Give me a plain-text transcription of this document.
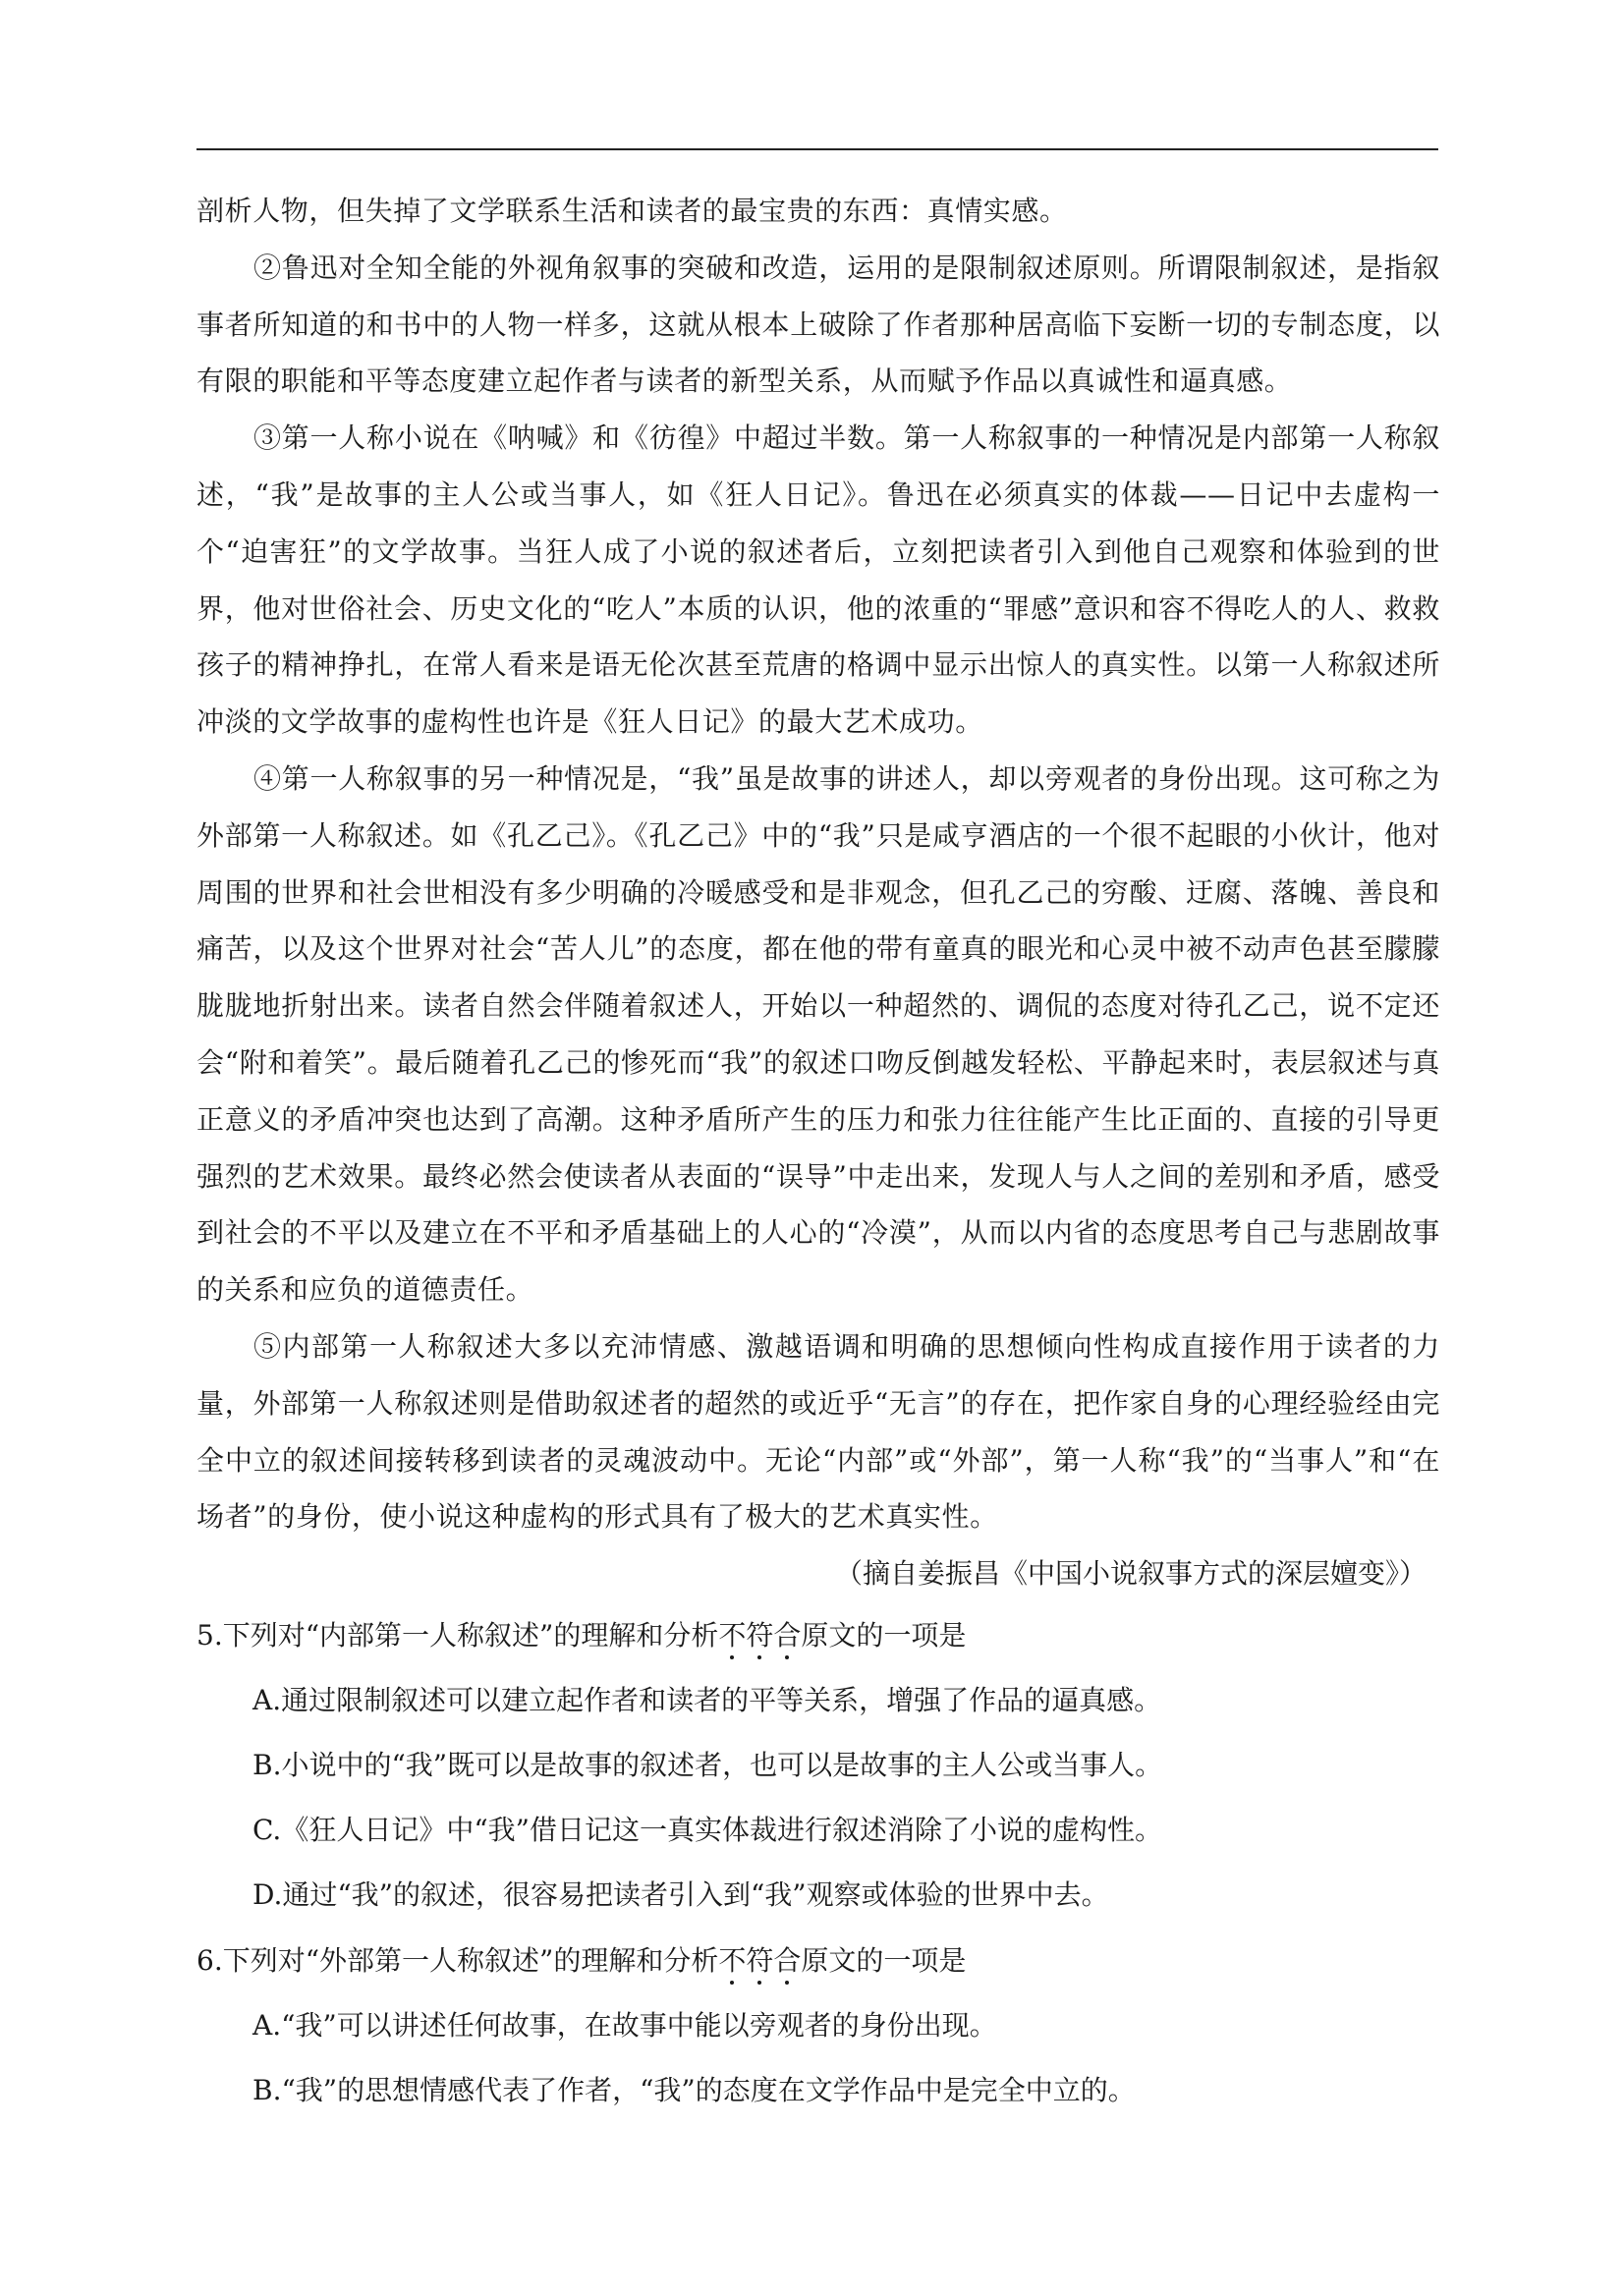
剖析人物，但失掉了文学联系生活和读者的最宝贵的东西：真情实感。

②鲁迅对全知全能的外视角叙事的突破和改造，运用的是限制叙述原则。所谓限制叙述，是指叙事者所知道的和书中的人物一样多，这就从根本上破除了作者那种居高临下妄断一切的专制态度，以有限的职能和平等态度建立起作者与读者的新型关系，从而赋予作品以真诚性和逼真感。

③第一人称小说在《呐喊》和《彷徨》中超过半数。第一人称叙事的一种情况是内部第一人称叙述，“我”是故事的主人公或当事人，如《狂人日记》。鲁迅在必须真实的体裁——日记中去虚构一个“迫害狂”的文学故事。当狂人成了小说的叙述者后，立刻把读者引入到他自己观察和体验到的世界，他对世俗社会、历史文化的“吃人”本质的认识，他的浓重的“罪感”意识和容不得吃人的人、救救孩子的精神挣扎，在常人看来是语无伦次甚至荒唐的格调中显示出惊人的真实性。以第一人称叙述所冲淡的文学故事的虚构性也许是《狂人日记》的最大艺术成功。

④第一人称叙事的另一种情况是，“我”虽是故事的讲述人，却以旁观者的身份出现。这可称之为外部第一人称叙述。如《孔乙己》。《孔乙己》中的“我”只是咸亨酒店的一个很不起眼的小伙计，他对周围的世界和社会世相没有多少明确的冷暖感受和是非观念，但孔乙己的穷酸、迂腐、落魄、善良和痛苦，以及这个世界对社会“苦人儿”的态度，都在他的带有童真的眼光和心灵中被不动声色甚至朦朦胧胧地折射出来。读者自然会伴随着叙述人，开始以一种超然的、调侃的态度对待孔乙己，说不定还会“附和着笑”。最后随着孔乙己的惨死而“我”的叙述口吻反倒越发轻松、平静起来时，表层叙述与真正意义的矛盾冲突也达到了高潮。这种矛盾所产生的压力和张力往往能产生比正面的、直接的引导更强烈的艺术效果。最终必然会使读者从表面的“误导”中走出来，发现人与人之间的差别和矛盾，感受到社会的不平以及建立在不平和矛盾基础上的人心的“冷漠”，从而以内省的态度思考自己与悲剧故事的关系和应负的道德责任。

⑤内部第一人称叙述大多以充沛情感、激越语调和明确的思想倾向性构成直接作用于读者的力量，外部第一人称叙述则是借助叙述者的超然的或近乎“无言”的存在，把作家自身的心理经验经由完全中立的叙述间接转移到读者的灵魂波动中。无论“内部”或“外部”，第一人称“我”的“当事人”和“在场者”的身份，使小说这种虚构的形式具有了极大的艺术真实性。

（摘自姜振昌《中国小说叙事方式的深层嬗变》）

5.下列对“内部第一人称叙述”的理解和分析不符合原文的一项是

A.通过限制叙述可以建立起作者和读者的平等关系，增强了作品的逼真感。

B.小说中的“我”既可以是故事的叙述者，也可以是故事的主人公或当事人。

C.《狂人日记》中“我”借日记这一真实体裁进行叙述消除了小说的虚构性。

D.通过“我”的叙述，很容易把读者引入到“我”观察或体验的世界中去。

6.下列对“外部第一人称叙述”的理解和分析不符合原文的一项是

A.“我”可以讲述任何故事，在故事中能以旁观者的身份出现。

B.“我”的思想情感代表了作者，“我”的态度在文学作品中是完全中立的。
